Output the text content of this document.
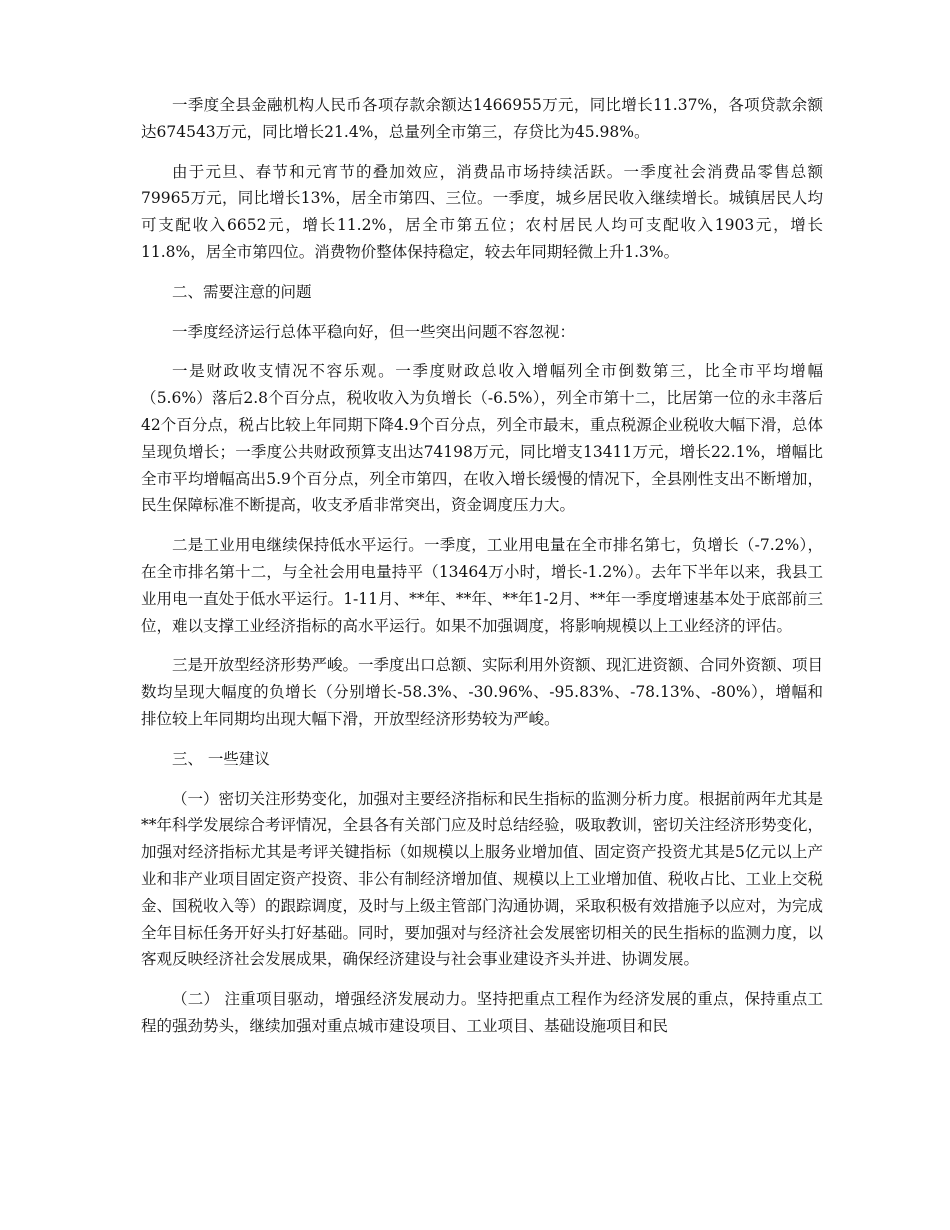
一季度全县金融机构人民币各项存款余额达1466955万元，同比增长11.37%，各项贷款余额达674543万元，同比增长21.4%，总量列全市第三，存贷比为45.98%。

由于元旦、春节和元宵节的叠加效应，消费品市场持续活跃。一季度社会消费品零售总额79965万元，同比增长13%，居全市第四、三位。一季度，城乡居民收入继续增长。城镇居民人均可支配收入6652元，增长11.2%，居全市第五位；农村居民人均可支配收入1903元，增长11.8%，居全市第四位。消费物价整体保持稳定，较去年同期轻微上升1.3%。

二、需要注意的问题

一季度经济运行总体平稳向好，但一些突出问题不容忽视：

一是财政收支情况不容乐观。一季度财政总收入增幅列全市倒数第三，比全市平均增幅（5.6%）落后2.8个百分点，税收收入为负增长（-6.5%），列全市第十二，比居第一位的永丰落后42个百分点，税占比较上年同期下降4.9个百分点，列全市最末，重点税源企业税收大幅下滑，总体呈现负增长；一季度公共财政预算支出达74198万元，同比增支13411万元，增长22.1%，增幅比全市平均增幅高出5.9个百分点，列全市第四，在收入增长缓慢的情况下，全县刚性支出不断增加，民生保障标准不断提高，收支矛盾非常突出，资金调度压力大。

二是工业用电继续保持低水平运行。一季度，工业用电量在全市排名第七，负增长（-7.2%），在全市排名第十二，与全社会用电量持平（13464万小时，增长-1.2%）。去年下半年以来，我县工业用电一直处于低水平运行。1-11月、**年、**年、**年1-2月、**年一季度增速基本处于底部前三位，难以支撑工业经济指标的高水平运行。如果不加强调度，将影响规模以上工业经济的评估。

三是开放型经济形势严峻。一季度出口总额、实际利用外资额、现汇进资额、合同外资额、项目数均呈现大幅度的负增长（分别增长-58.3%、-30.96%、-95.83%、-78.13%、-80%），增幅和排位较上年同期均出现大幅下滑，开放型经济形势较为严峻。

三、 一些建议

（一）密切关注形势变化，加强对主要经济指标和民生指标的监测分析力度。根据前两年尤其是**年科学发展综合考评情况，全县各有关部门应及时总结经验，吸取教训，密切关注经济形势变化，加强对经济指标尤其是考评关键指标（如规模以上服务业增加值、固定资产投资尤其是5亿元以上产业和非产业项目固定资产投资、非公有制经济增加值、规模以上工业增加值、税收占比、工业上交税金、国税收入等）的跟踪调度，及时与上级主管部门沟通协调，采取积极有效措施予以应对，为完成全年目标任务开好头打好基础。同时，要加强对与经济社会发展密切相关的民生指标的监测力度，以客观反映经济社会发展成果，确保经济建设与社会事业建设齐头并进、协调发展。

（二） 注重项目驱动，增强经济发展动力。坚持把重点工程作为经济发展的重点，保持重点工程的强劲势头，继续加强对重点城市建设项目、工业项目、基础设施项目和民
